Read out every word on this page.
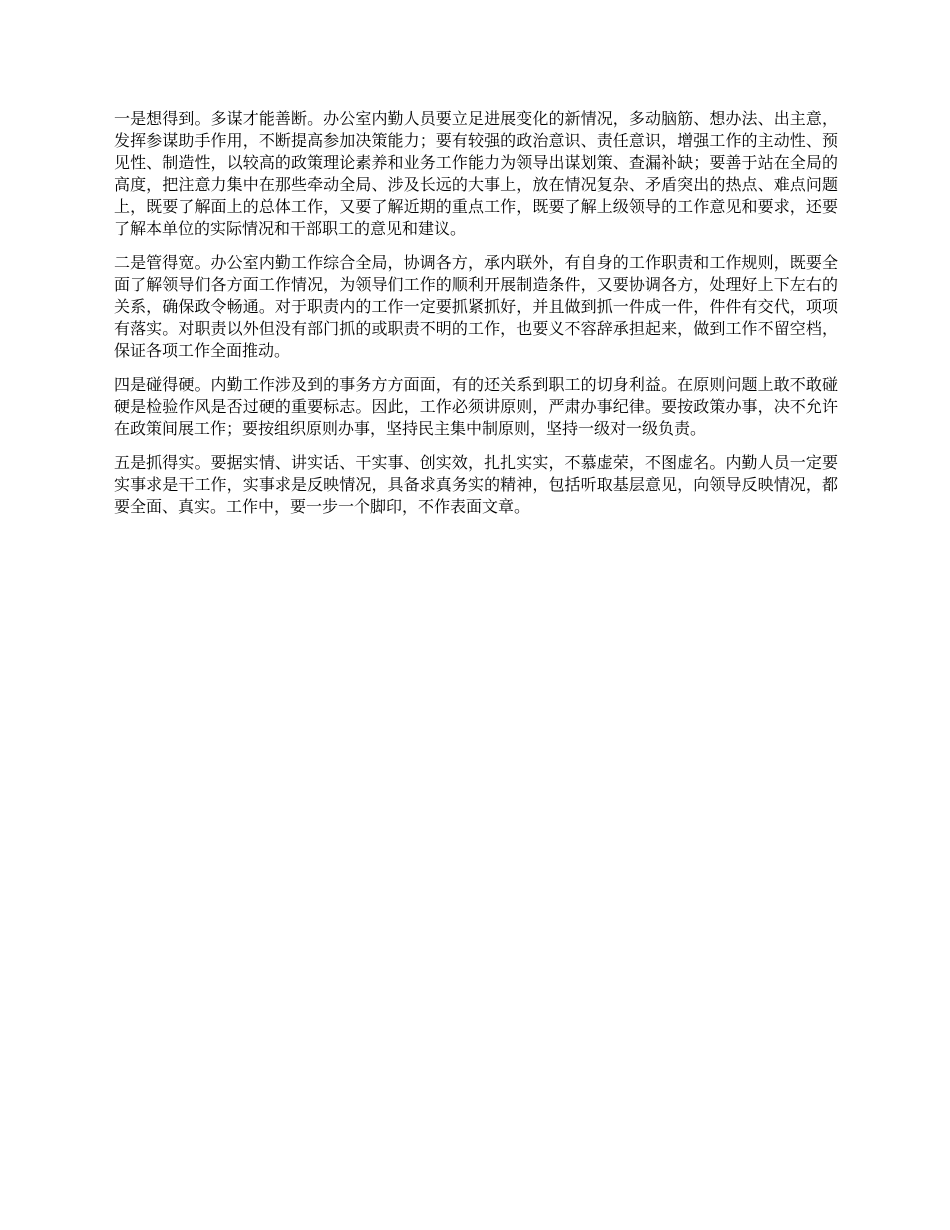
一是想得到。多谋才能善断。办公室内勤人员要立足进展变化的新情况，多动脑筋、想办法、出主意，发挥参谋助手作用，不断提高参加决策能力；要有较强的政治意识、责任意识，增强工作的主动性、预见性、制造性，以较高的政策理论素养和业务工作能力为领导出谋划策、查漏补缺；要善于站在全局的高度，把注意力集中在那些牵动全局、涉及长远的大事上，放在情况复杂、矛盾突出的热点、难点问题上，既要了解面上的总体工作，又要了解近期的重点工作，既要了解上级领导的工作意见和要求，还要了解本单位的实际情况和干部职工的意见和建议。

二是管得宽。办公室内勤工作综合全局，协调各方，承内联外，有自身的工作职责和工作规则，既要全面了解领导们各方面工作情况，为领导们工作的顺利开展制造条件，又要协调各方，处理好上下左右的关系，确保政令畅通。对于职责内的工作一定要抓紧抓好，并且做到抓一件成一件，件件有交代，项项有落实。对职责以外但没有部门抓的或职责不明的工作，也要义不容辞承担起来，做到工作不留空档，保证各项工作全面推动。

四是碰得硬。内勤工作涉及到的事务方方面面，有的还关系到职工的切身利益。在原则问题上敢不敢碰硬是检验作风是否过硬的重要标志。因此，工作必须讲原则，严肃办事纪律。要按政策办事，决不允许在政策间展工作；要按组织原则办事，坚持民主集中制原则，坚持一级对一级负责。

五是抓得实。要据实情、讲实话、干实事、创实效，扎扎实实，不慕虚荣，不图虚名。内勤人员一定要实事求是干工作，实事求是反映情况，具备求真务实的精神，包括听取基层意见，向领导反映情况，都要全面、真实。工作中，要一步一个脚印，不作表面文章。
